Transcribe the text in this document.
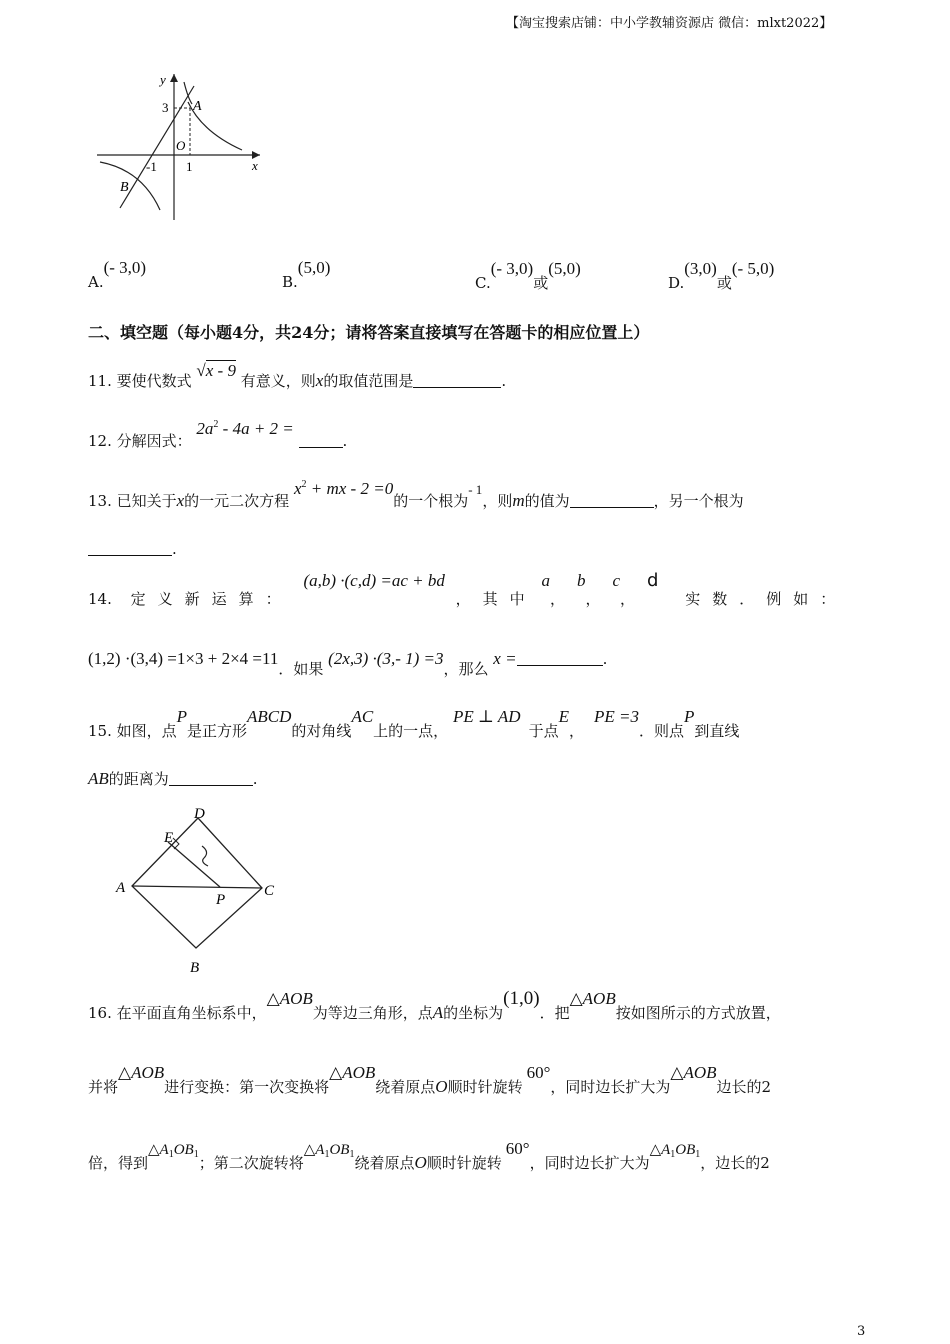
【淘宝搜索店铺：中小学教辅资源店 微信：mlxt2022】
y
x
O
A
B
3
-1 1
A.(- 3,0)
B.(5,0)
C.(- 3,0)或(5,0)
D.(3,0)或(- 5,0)
二、填空题（每小题4分，共24分；请将答案直接填写在答题卡的相应位置上）
11. 要使代数式 √x - 9 有意义，则x的取值范围是	.
12. 分解因式： $2a^2 - 4a + 2$ = .
13. 已知关于x的一元二次方程 $x^2$ + mx - 2 =0的一个根为- 1，则m的值为	，另一个根为
.
14. 定义新运算： (a,b) ·(c,d) =ac + bd ，其中 a，b，c，d 实数．例如：
(1,2) ·(3,4) =1×3 + 2×4 =11．如果 (2x,3) ·(3,- 1) =3，那么 x =	.
15. 如图，点P是正方形ABCD的对角线AC上的一点， PE ⊥ AD于点E，PE =3．则点P到直线
AB的距离为	.
D
E
A
P
C
B
16. 在平面直角坐标系中，△AOB为等边三角形，点A的坐标为(1,0)．把△AOB按如图所示的方式放置，
并将△AOB进行变换：第一次变换将△AOB绕着原点O顺时针旋转60°，同时边长扩大为△AOB边长的2
倍，得到$\triangle A_1OB_1$；第二次旋转将$\triangle A_1OB_1$绕着原点O顺时针旋转60°，同时边长扩大为$\triangle A_1OB_1$，边长的2
3
